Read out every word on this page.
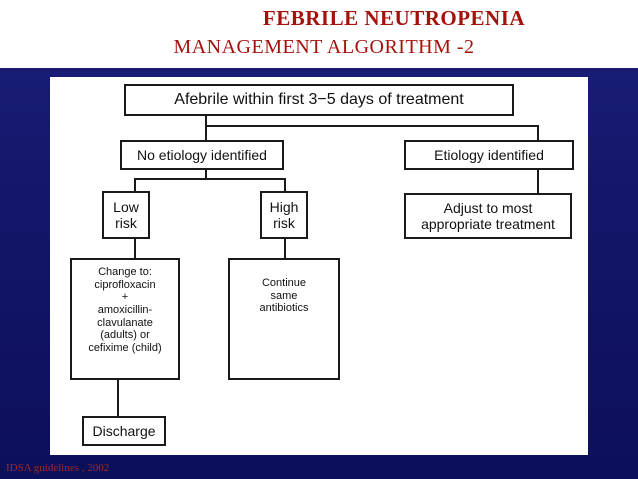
FEBRILE NEUTROPENIA
MANAGEMENT ALGORITHM -2
Afebrile within first 3−5 days of treatment
No etiology identified	Etiology identified
Low
risk
High
risk
Adjust to most
appropriate treatment
Change to:
ciprofloxacin
+
amoxicillin-
clavulanate
(adults) or
cefixime (child)
Continue
same
antibiotics
Discharge
IDSA guidelines , 2002
